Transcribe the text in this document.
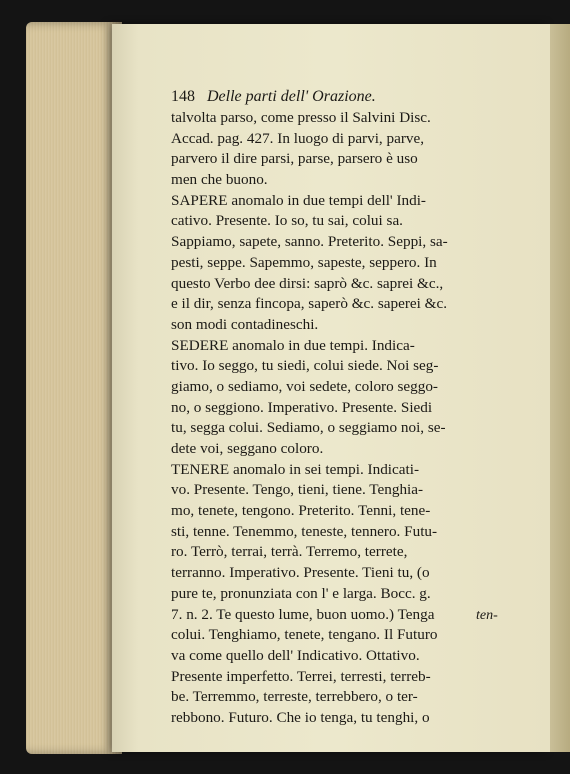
148 Delle parti dell' Orazione.
talvolta parso, come presso il Salvini Disc.
Accad. pag. 427. In luogo di parvi, parve,
parvero il dire parsi, parse, parsero è uso
men che buono.
SAPERE anomalo in due tempi dell' Indi-
cativo. Presente. Io so, tu sai, colui sa.
Sappiamo, sapete, sanno. Preterito. Seppi, sa-
pesti, seppe. Sapemmo, sapeste, seppero. In
questo Verbo dee dirsi: saprò &c. saprei &c.,
e il dir, senza fincopa, saperò &c. saperei &c.
son modi contadineschi.
SEDERE anomalo in due tempi. Indica-
tivo. Io seggo, tu siedi, colui siede. Noi seg-
giamo, o sediamo, voi sedete, coloro seggo-
no, o seggiono. Imperativo. Presente. Siedi
tu, segga colui. Sediamo, o seggiamo noi, se-
dete voi, seggano coloro.
TENERE anomalo in sei tempi. Indicati-
vo. Presente. Tengo, tieni, tiene. Tenghia-
mo, tenete, tengono. Preterito. Tenni, tene-
sti, tenne. Tenemmo, teneste, tennero. Futu-
ro. Terrò, terrai, terrà. Terremo, terrete,
terranno. Imperativo. Presente. Tieni tu, (o
pure te, pronunziata con l' e larga. Bocc. g.
7. n. 2. Te questo lume, buon uomo.) Tenga
colui. Tenghiamo, tenete, tengano. Il Futuro
va come quello dell' Indicativo. Ottativo.
Presente imperfetto. Terrei, terresti, terreb-
be. Terremmo, terreste, terrebbero, o ter-
rebbono. Futuro. Che io tenga, tu tenghi, o
ten-
